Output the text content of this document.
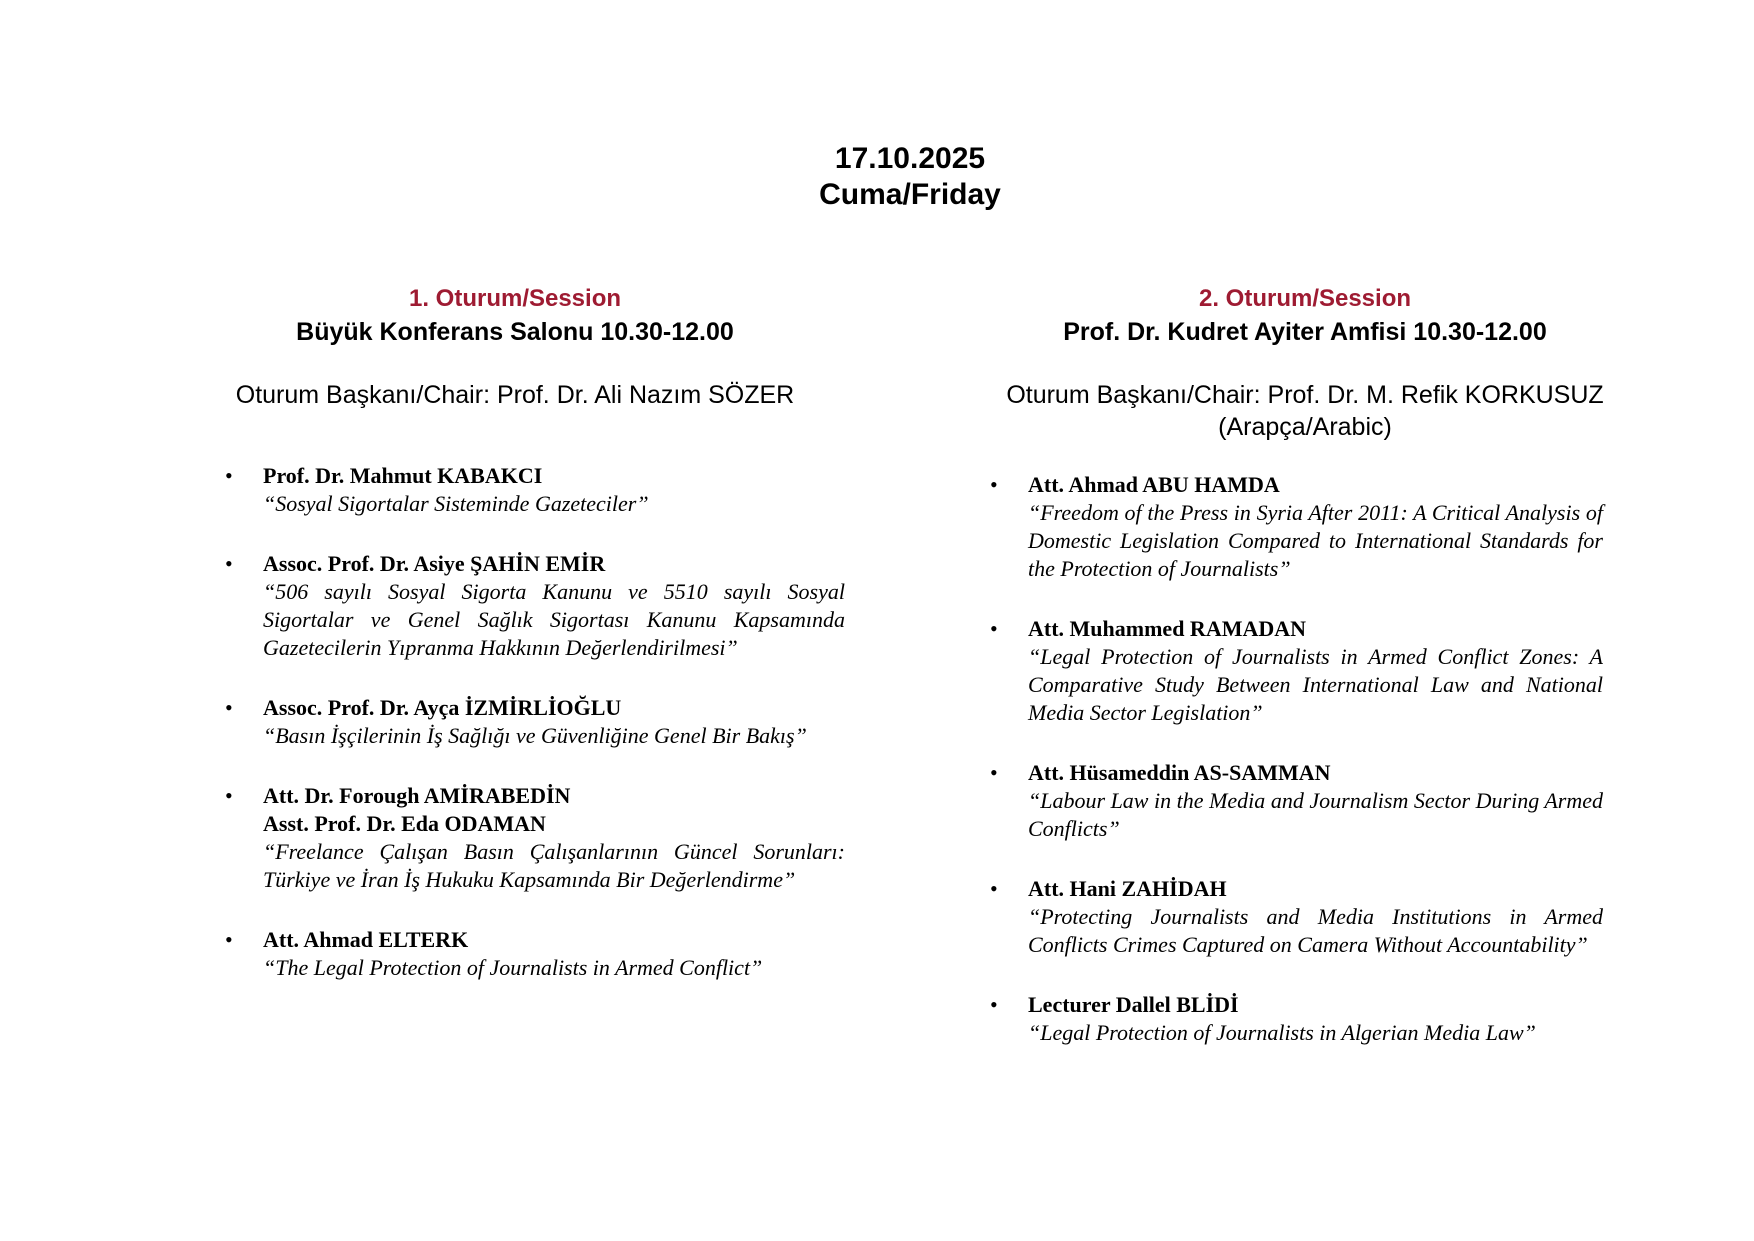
17.10.2025
Cuma/Friday
1. Oturum/Session
Büyük Konferans Salonu 10.30-12.00
Oturum Başkanı/Chair: Prof. Dr. Ali Nazım SÖZER
• Prof. Dr. Mahmut KABAKCI
“Sosyal Sigortalar Sisteminde Gazeteciler”
• Assoc. Prof. Dr. Asiye ŞAHİN EMİR
“506 sayılı Sosyal Sigorta Kanunu ve 5510 sayılı Sosyal Sigortalar ve Genel Sağlık Sigortası Kanunu Kapsamında Gazetecilerin Yıpranma Hakkının Değerlendirilmesi”
• Assoc. Prof. Dr. Ayça İZMİRLİOĞLU
“Basın İşçilerinin İş Sağlığı ve Güvenliğine Genel Bir Bakış”
• Att. Dr. Forough AMİRABEDİN
Asst. Prof. Dr. Eda ODAMAN
“Freelance Çalışan Basın Çalışanlarının Güncel Sorunları: Türkiye ve İran İş Hukuku Kapsamında Bir Değerlendirme”
• Att. Ahmad ELTERK
“The Legal Protection of Journalists in Armed Conflict”
2. Oturum/Session
Prof. Dr. Kudret Ayiter Amfisi 10.30-12.00
Oturum Başkanı/Chair: Prof. Dr. M. Refik KORKUSUZ
(Arapça/Arabic)
• Att. Ahmad ABU HAMDA
“Freedom of the Press in Syria After 2011: A Critical Analysis of Domestic Legislation Compared to International Standards for the Protection of Journalists”
• Att. Muhammed RAMADAN
“Legal Protection of Journalists in Armed Conflict Zones: A Comparative Study Between International Law and National Media Sector Legislation”
• Att. Hüsameddin AS-SAMMAN
“Labour Law in the Media and Journalism Sector During Armed Conflicts”
• Att. Hani ZAHİDAH
“Protecting Journalists and Media Institutions in Armed Conflicts Crimes Captured on Camera Without Accountability”
• Lecturer Dallel BLİDİ
“Legal Protection of Journalists in Algerian Media Law”
